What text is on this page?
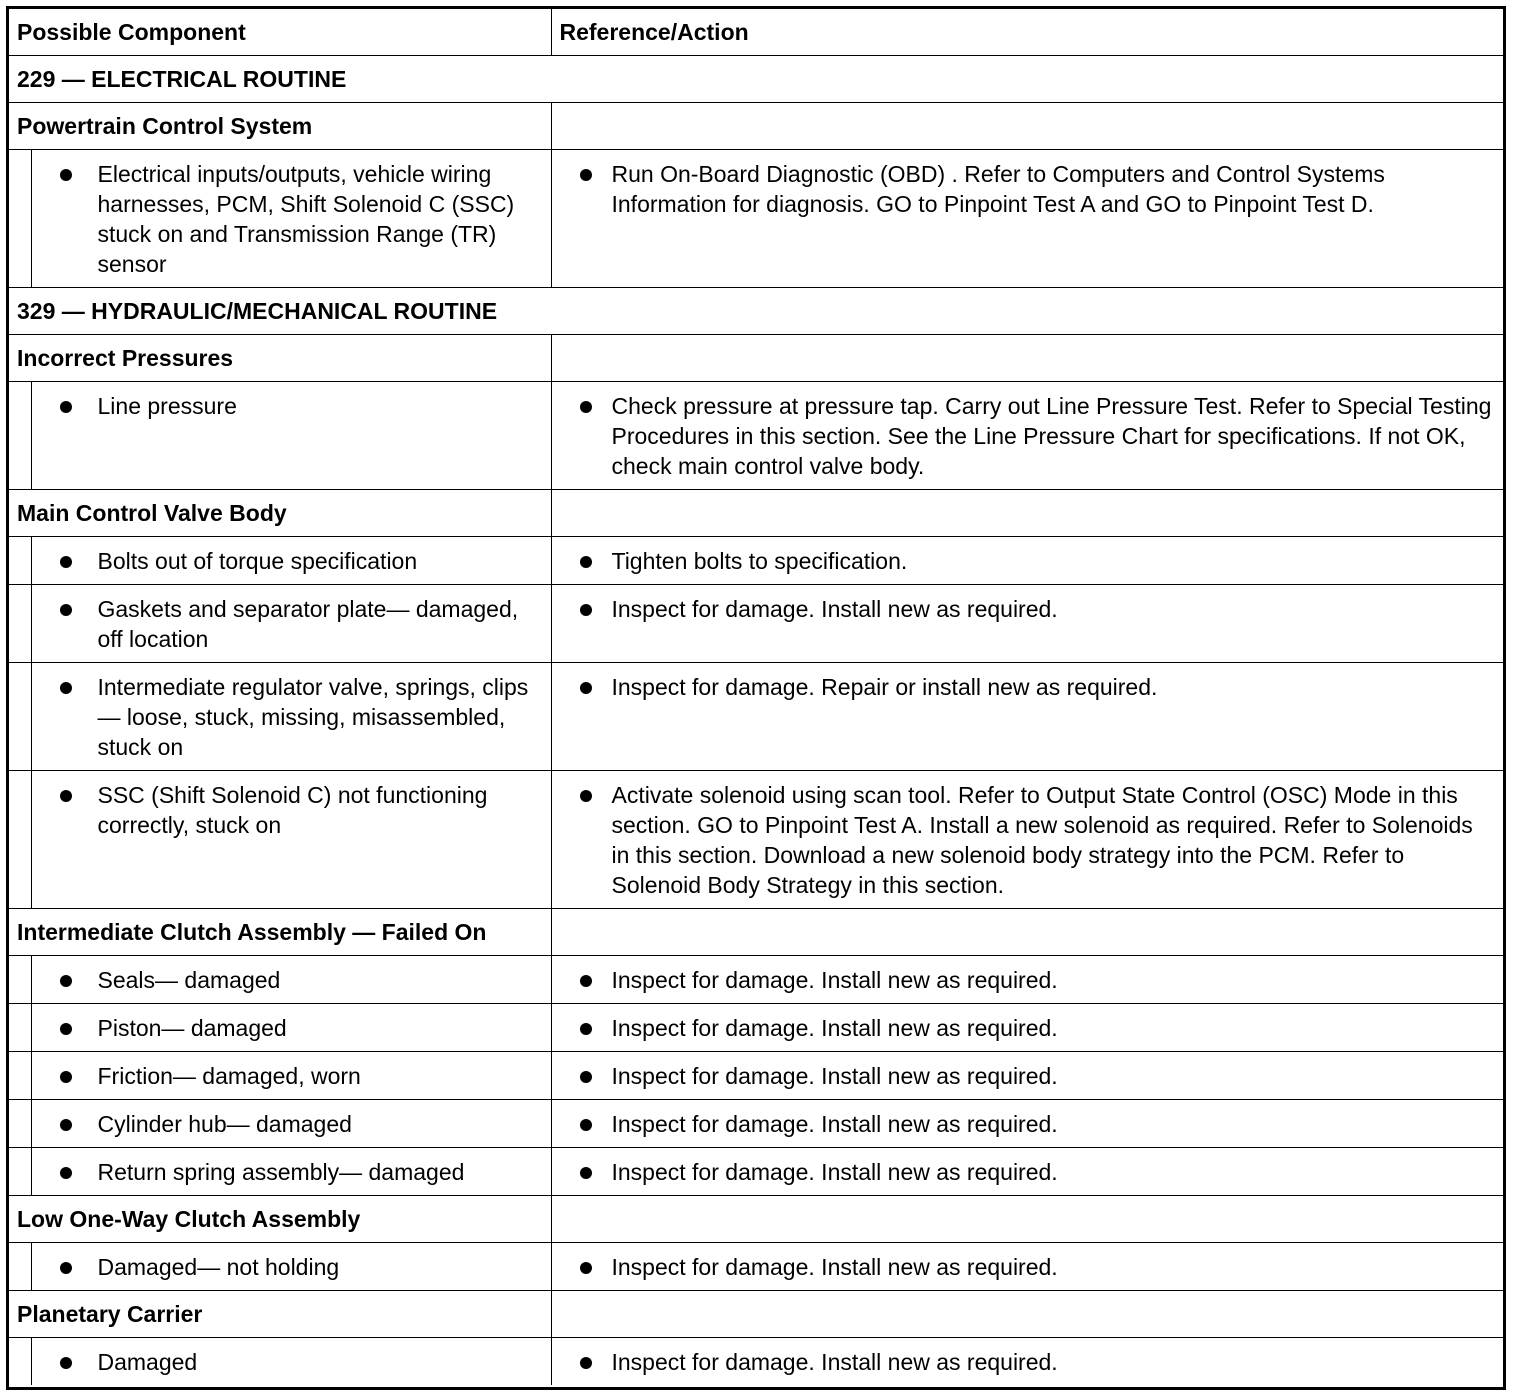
Possible Component		Reference/Action

229 — ELECTRICAL ROUTINE		

Powertrain Control System		

	Electrical inputs/outputs, vehicle wiring harnesses, PCM, Shift Solenoid C (SSC) stuck on and Transmission Range (TR) sensor	Run On-Board Diagnostic (OBD) . Refer to Computers and Control Systems Information for diagnosis. GO to Pinpoint Test A and GO to Pinpoint Test D.

329 — HYDRAULIC/MECHANICAL ROUTINE		

Incorrect Pressures		

	Line pressure	Check pressure at pressure tap. Carry out Line Pressure Test. Refer to Special Testing Procedures in this section. See the Line Pressure Chart for specifications. If not OK, check main control valve body.

Main Control Valve Body		

	Bolts out of torque specification	Tighten bolts to specification.

	Gaskets and separator plate— damaged, off location	Inspect for damage. Install new as required.

	Intermediate regulator valve, springs, clips— loose, stuck, missing, misassembled, stuck on	Inspect for damage. Repair or install new as required.

	SSC (Shift Solenoid C) not functioning correctly, stuck on	Activate solenoid using scan tool. Refer to Output State Control (OSC) Mode in this section. GO to Pinpoint Test A. Install a new solenoid as required. Refer to Solenoids in this section. Download a new solenoid body strategy into the PCM. Refer to Solenoid Body Strategy in this section.

Intermediate Clutch Assembly — Failed On		

	Seals— damaged	Inspect for damage. Install new as required.

	Piston— damaged	Inspect for damage. Install new as required.

	Friction— damaged, worn	Inspect for damage. Install new as required.

	Cylinder hub— damaged	Inspect for damage. Install new as required.

	Return spring assembly— damaged	Inspect for damage. Install new as required.

Low One-Way Clutch Assembly		

	Damaged— not holding	Inspect for damage. Install new as required.

Planetary Carrier		

	Damaged	Inspect for damage. Install new as required.
